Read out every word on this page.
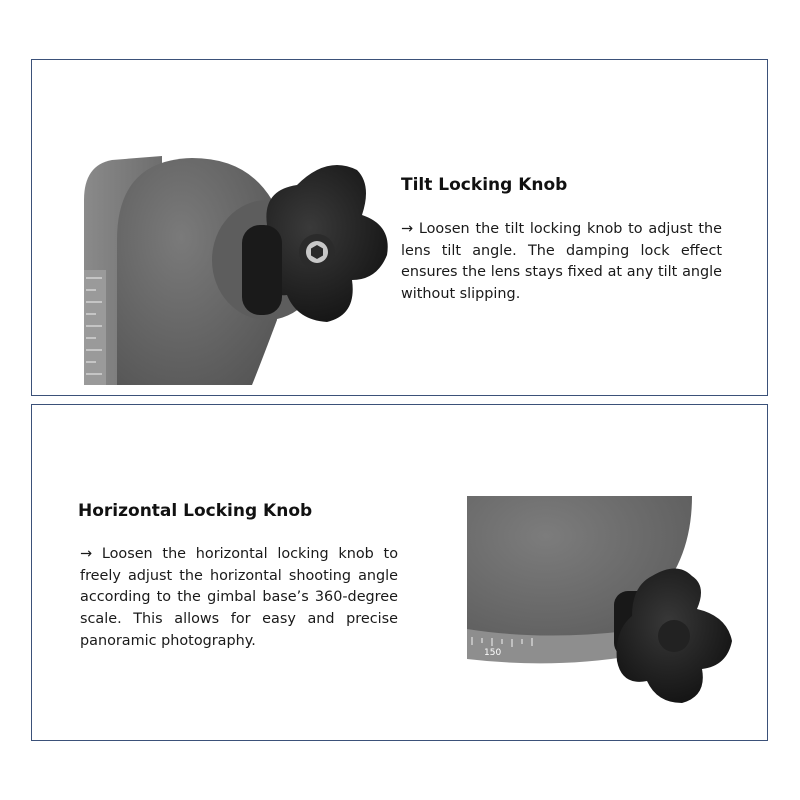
Tilt Locking Knob

→ Loosen the tilt locking knob to adjust the lens tilt angle. The damping lock effect ensures the lens stays fixed at any tilt angle without slipping.

Horizontal Locking Knob

→ Loosen the horizontal locking knob to freely adjust the horizontal shooting angle according to the gimbal base’s 360-degree scale. This allows for easy and precise panoramic photography.

150
